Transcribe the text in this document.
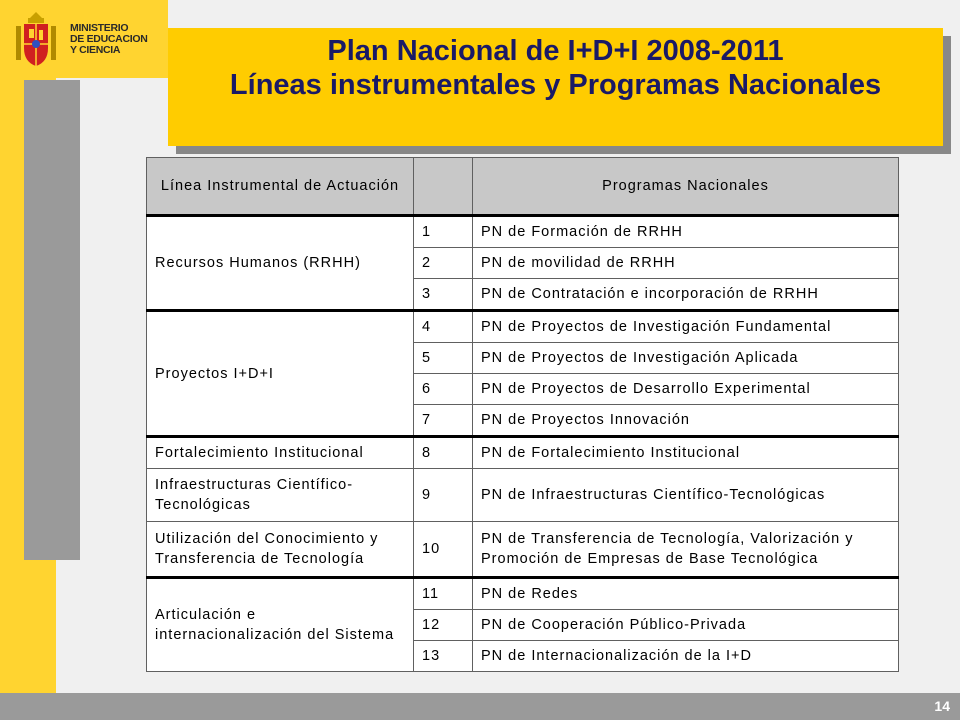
MINISTERIO
DE EDUCACION
Y CIENCIA	Plan Nacional de I+D+I 2008-2011
Líneas instrumentales y Programas Nacionales
Línea Instrumental de Actuación		Programas Nacionales
Recursos Humanos (RRHH)	1	PN de Formación de RRHH
	2	PN de movilidad de RRHH
	3	PN de Contratación e incorporación de RRHH
Proyectos I+D+I	4	PN de Proyectos de Investigación Fundamental
	5	PN de Proyectos de Investigación Aplicada
	6	PN de Proyectos de Desarrollo Experimental
	7	PN de Proyectos Innovación
Fortalecimiento Institucional	8	PN de Fortalecimiento Institucional
Infraestructuras Científico-Tecnológicas	9	PN de Infraestructuras Científico-Tecnológicas
Utilización del Conocimiento y Transferencia de Tecnología	10	PN de Transferencia de Tecnología, Valorización y Promoción de Empresas de Base Tecnológica
Articulación e internacionalización del Sistema	11	PN de Redes
	12	PN de Cooperación Público-Privada
	13	PN de Internacionalización de la I+D
14
